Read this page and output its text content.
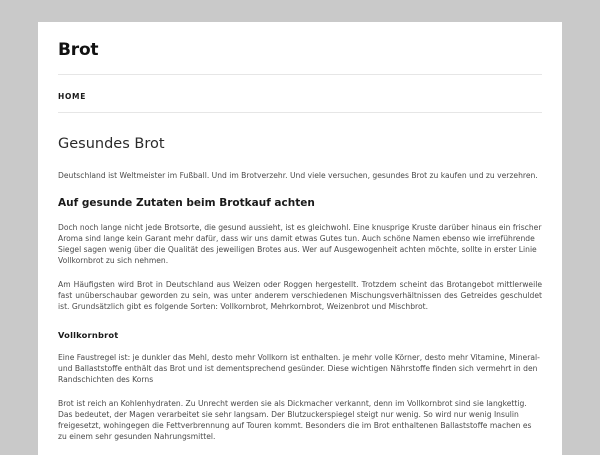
Brot
HOME
Gesundes Brot

Deutschland ist Weltmeister im Fußball. Und im Brotverzehr. Und viele versuchen, gesundes Brot zu kaufen und zu verzehren.

Auf gesunde Zutaten beim Brotkauf achten

Doch noch lange nicht jede Brotsorte, die gesund aussieht, ist es gleichwohl. Eine knusprige Kruste darüber hinaus ein frischer Aroma sind lange kein Garant mehr dafür, dass wir uns damit etwas Gutes tun. Auch schöne Namen ebenso wie irreführende Siegel sagen wenig über die Qualität des jeweiligen Brotes aus. Wer auf Ausgewogenheit achten möchte, sollte in erster Linie Vollkornbrot zu sich nehmen.

Am Häufigsten wird Brot in Deutschland aus Weizen oder Roggen hergestellt. Trotzdem scheint das Brotangebot mittlerweile fast unüberschaubar geworden zu sein, was unter anderem verschiedenen Mischungsverhältnissen des Getreides geschuldet ist. Grundsätzlich gibt es folgende Sorten: Vollkornbrot, Mehrkornbrot, Weizenbrot und Mischbrot.

Vollkornbrot

Eine Faustregel ist: je dunkler das Mehl, desto mehr Vollkorn ist enthalten. je mehr volle Körner, desto mehr Vitamine, Mineral- und Ballaststoffe enthält das Brot und ist dementsprechend gesünder. Diese wichtigen Nährstoffe finden sich vermehrt in den Randschichten des Korns

Brot ist reich an Kohlenhydraten. Zu Unrecht werden sie als Dickmacher verkannt, denn im Vollkornbrot sind sie langkettig. Das bedeutet, der Magen verarbeitet sie sehr langsam. Der Blutzuckerspiegel steigt nur wenig. So wird nur wenig Insulin freigesetzt, wohingegen die Fettverbrennung auf Touren kommt. Besonders die im Brot enthaltenen Ballaststoffe machen es zu einem sehr gesunden Nahrungsmittel.
